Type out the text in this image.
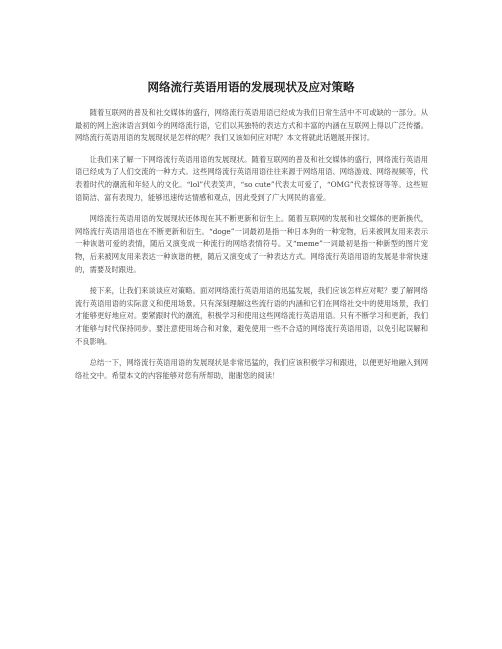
网络流行英语用语的发展现状及应对策略

随着互联网的普及和社交媒体的盛行，网络流行英语用语已经成为我们日常生活中不可或缺的一部分。从最初的网上泡沫语言到如今的网络流行语，它们以其独特的表达方式和丰富的内涵在互联网上得以广泛传播。网络流行英语用语的发展现状是怎样的呢？我们又该如何应对呢？本文将就此话题展开探讨。

让我们来了解一下网络流行英语用语的发展现状。随着互联网的普及和社交媒体的盛行，网络流行英语用语已经成为了人们交流的一种方式。这些网络流行英语用语往往来源于网络用语、网络游戏、网络视频等，代表着时代的潮流和年轻人的文化。“lol”代表笑声，“so cute”代表太可爱了，“OMG”代表惊讶等等。这些短语简洁、富有表现力，能够迅速传达情感和观点，因此受到了广大网民的喜爱。

网络流行英语用语的发展现状还体现在其不断更新和衍生上。随着互联网的发展和社交媒体的更新换代，网络流行英语用语也在不断更新和衍生。“doge”一词最初是指一种日本狗的一种宠物，后来被网友用来表示一种诙谐可爱的表情，随后又演变成一种流行的网络表情符号。又“meme”一词最初是指一种新型的图片宠物，后来被网友用来表达一种诙谐的梗，随后又演变成了一种表达方式。网络流行英语用语的发展是非常快速的，需要及时跟进。

接下来，让我们来谈谈应对策略。面对网络流行英语用语的迅猛发展，我们应该怎样应对呢？要了解网络流行英语用语的实际意义和使用场景。只有深刻理解这些流行语的内涵和它们在网络社交中的使用场景，我们才能够更好地应对。要紧跟时代的潮流，积极学习和使用这些网络流行英语用语。只有不断学习和更新，我们才能够与时代保持同步。要注意使用场合和对象，避免使用一些不合适的网络流行英语用语，以免引起误解和不良影响。

总结一下，网络流行英语用语的发展现状是非常迅猛的，我们应该积极学习和跟进，以便更好地融入到网络社交中。希望本文的内容能够对您有所帮助，谢谢您的阅读！
